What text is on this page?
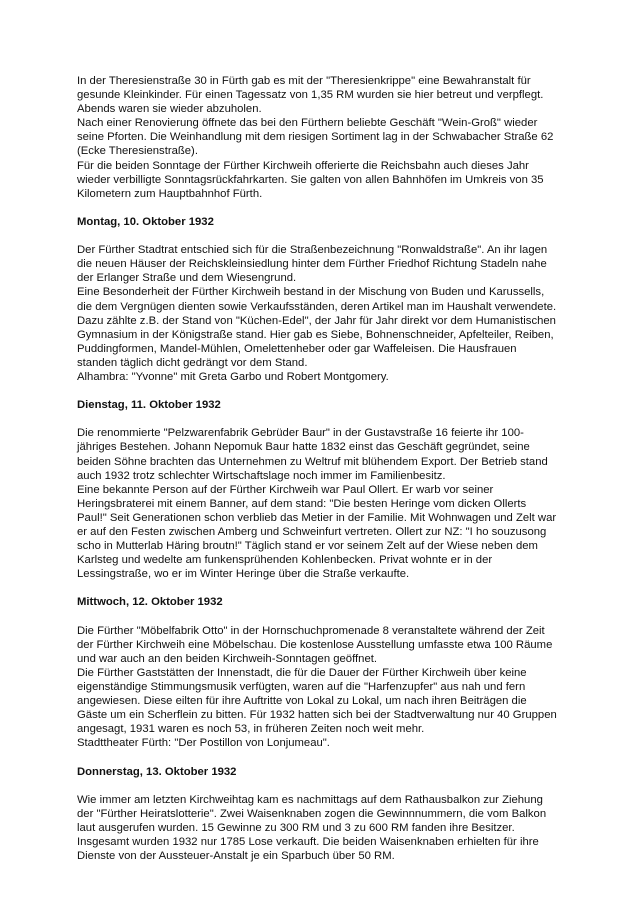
In der Theresienstraße 30 in Fürth gab es mit der "Theresienkrippe" eine Bewahranstalt für gesunde Kleinkinder. Für einen Tagessatz von 1,35 RM wurden sie hier betreut und verpflegt. Abends waren sie wieder abzuholen.

Nach einer Renovierung öffnete das bei den Fürthern beliebte Geschäft "Wein-Groß" wieder seine Pforten. Die Weinhandlung mit dem riesigen Sortiment lag in der Schwabacher Straße 62 (Ecke Theresienstraße).

Für die beiden Sonntage der Fürther Kirchweih offerierte die Reichsbahn auch dieses Jahr wieder verbilligte Sonntagsrückfahrkarten. Sie galten von allen Bahnhöfen im Umkreis von 35 Kilometern zum Hauptbahnhof Fürth.

Montag, 10. Oktober 1932

Der Fürther Stadtrat entschied sich für die Straßenbezeichnung "Ronwaldstraße". An ihr lagen die neuen Häuser der Reichskleinsiedlung hinter dem Fürther Friedhof Richtung Stadeln nahe der Erlanger Straße und dem Wiesengrund.

Eine Besonderheit der Fürther Kirchweih bestand in der Mischung von Buden und Karussells, die dem Vergnügen dienten sowie Verkaufsständen, deren Artikel man im Haushalt verwendete. Dazu zählte z.B. der Stand von "Küchen-Edel", der Jahr für Jahr direkt vor dem Humanistischen Gymnasium in der Königstraße stand. Hier gab es Siebe, Bohnenschneider, Apfelteiler, Reiben, Puddingformen, Mandel-Mühlen, Omelettenheber oder gar Waffeleisen. Die Hausfrauen standen täglich dicht gedrängt vor dem Stand.

Alhambra: "Yvonne" mit Greta Garbo und Robert Montgomery.

Dienstag, 11. Oktober 1932

Die renommierte "Pelzwarenfabrik Gebrüder Baur" in der Gustavstraße 16 feierte ihr 100-jähriges Bestehen. Johann Nepomuk Baur hatte 1832 einst das Geschäft gegründet, seine beiden Söhne brachten das Unternehmen zu Weltruf mit blühendem Export. Der Betrieb stand auch 1932 trotz schlechter Wirtschaftslage noch immer im Familienbesitz.

Eine bekannte Person auf der Fürther Kirchweih war Paul Ollert. Er warb vor seiner Heringsbraterei mit einem Banner, auf dem stand: "Die besten Heringe vom dicken Ollerts Paul!" Seit Generationen schon verblieb das Metier in der Familie. Mit Wohnwagen und Zelt war er auf den Festen zwischen Amberg und Schweinfurt vertreten. Ollert zur NZ: "I ho souzusong scho in Mutterlab Häring broutn!" Täglich stand er vor seinem Zelt auf der Wiese neben dem Karlsteg und wedelte am funkensprühenden Kohlenbecken. Privat wohnte er in der Lessingstraße, wo er im Winter Heringe über die Straße verkaufte.

Mittwoch, 12. Oktober 1932

Die Fürther "Möbelfabrik Otto" in der Hornschuchpromenade 8 veranstaltete während der Zeit der Fürther Kirchweih eine Möbelschau. Die kostenlose Ausstellung umfasste etwa 100 Räume und war auch an den beiden Kirchweih-Sonntagen geöffnet.

Die Fürther Gaststätten der Innenstadt, die für die Dauer der Fürther Kirchweih über keine eigenständige Stimmungsmusik verfügten, waren auf die "Harfenzupfer" aus nah und fern angewiesen. Diese eilten für ihre Auftritte von Lokal zu Lokal, um nach ihren Beiträgen die Gäste um ein Scherflein zu bitten. Für 1932 hatten sich bei der Stadtverwaltung nur 40 Gruppen angesagt, 1931 waren es noch 53, in früheren Zeiten noch weit mehr.

Stadttheater Fürth: "Der Postillon von Lonjumeau".

Donnerstag, 13. Oktober 1932

Wie immer am letzten Kirchweihtag kam es nachmittags auf dem Rathausbalkon zur Ziehung der "Fürther Heiratslotterie". Zwei Waisenknaben zogen die Gewinnnummern, die vom Balkon laut ausgerufen wurden. 15 Gewinne zu 300 RM und 3 zu 600 RM fanden ihre Besitzer. Insgesamt wurden 1932 nur 1785 Lose verkauft. Die beiden Waisenknaben erhielten für ihre Dienste von der Aussteuer-Anstalt je ein Sparbuch über 50 RM.
